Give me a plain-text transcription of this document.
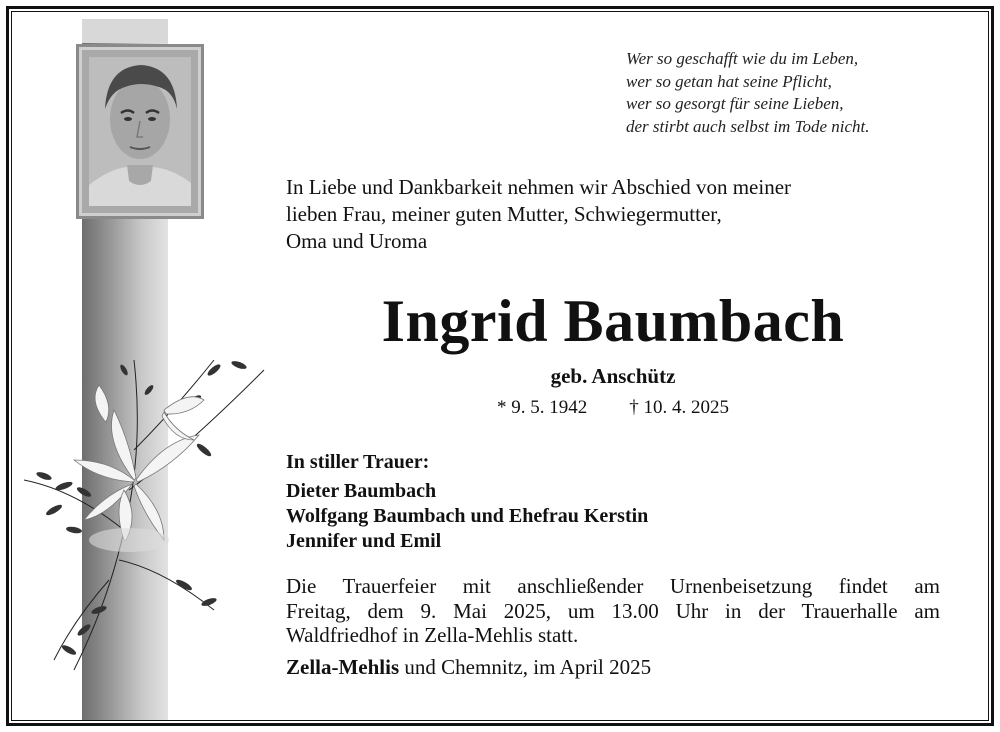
Wer so geschafft wie du im Leben,
wer so getan hat seine Pflicht,
wer so gesorgt für seine Lieben,
der stirbt auch selbst im Tode nicht.
In Liebe und Dankbarkeit nehmen wir Abschied von meiner
lieben Frau, meiner guten Mutter, Schwiegermutter,
Oma und Uroma
Ingrid Baumbach
geb. Anschütz
* 9. 5. 1942 † 10. 4. 2025
In stiller Trauer:
Dieter Baumbach
Wolfgang Baumbach und Ehefrau Kerstin
Jennifer und Emil
Die Trauerfeier mit anschließender Urnenbeisetzung findet am
Freitag, dem 9. Mai 2025, um 13.00 Uhr in der Trauerhalle am
Waldfriedhof in Zella-Mehlis statt.
Zella-Mehlis und Chemnitz, im April 2025
